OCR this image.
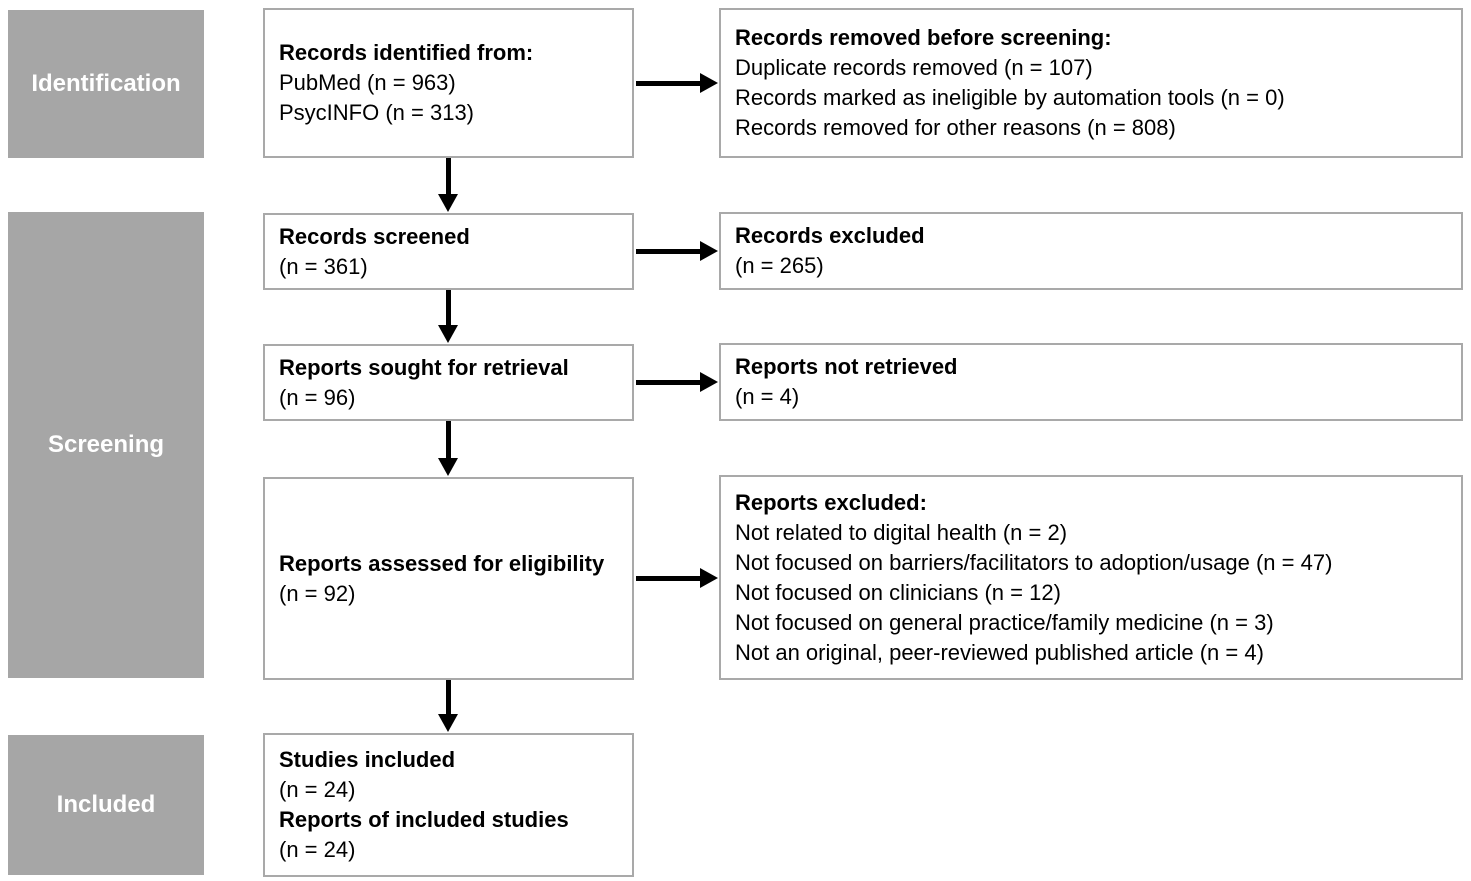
Identification
Screening
Included
Records identified from:
PubMed (n = 963)
PsycINFO (n = 313)
Records screened
(n = 361)
Reports sought for retrieval
(n = 96)
Reports assessed for eligibility
(n = 92)
Studies included
(n = 24)
Reports of included studies
(n = 24)
Records removed before screening:
Duplicate records removed (n = 107)
Records marked as ineligible by automation tools (n = 0)
Records removed for other reasons (n = 808)
Records excluded
(n = 265)
Reports not retrieved
(n = 4)
Reports excluded:
Not related to digital health (n = 2)
Not focused on barriers/facilitators to adoption/usage (n = 47)
Not focused on clinicians (n = 12)
Not focused on general practice/family medicine (n = 3)
Not an original, peer-reviewed published article (n = 4)
